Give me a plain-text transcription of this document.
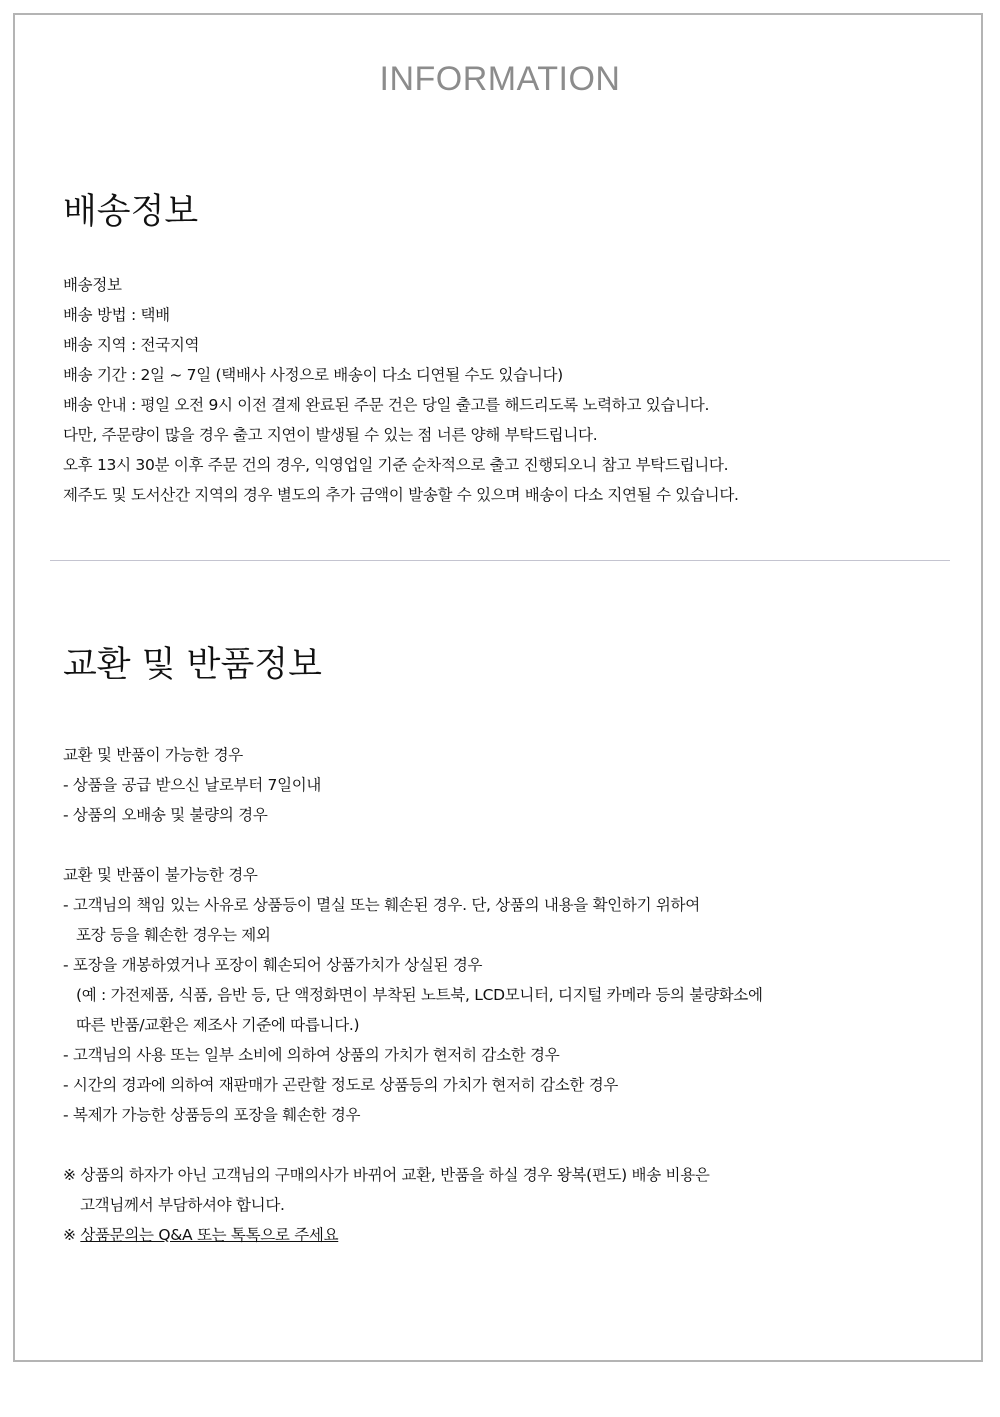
INFORMATION
배송정보
배송정보
배송 방법 : 택배
배송 지역 : 전국지역
배송 기간 : 2일 ~ 7일 (택배사 사정으로 배송이 다소 디연될 수도 있습니다)
배송 안내 : 평일 오전 9시 이전 결제 완료된 주문 건은 당일 출고를 해드리도록 노력하고 있습니다.
다만, 주문량이 많을 경우 출고 지연이 발생될 수 있는 점 너른 양해 부탁드립니다.
오후 13시 30분 이후 주문 건의 경우, 익영업일 기준 순차적으로 출고 진행되오니 참고 부탁드립니다.
제주도 및 도서산간 지역의 경우 별도의 추가 금액이 발송할 수 있으며 배송이 다소 지연될 수 있습니다.
교환 및 반품정보
교환 및 반품이 가능한 경우
- 상품을 공급 받으신 날로부터 7일이내
- 상품의 오배송 및 불량의 경우
교환 및 반품이 불가능한 경우
- 고객님의 책임 있는 사유로 상품등이 멸실 또는 훼손된 경우. 단, 상품의 내용을 확인하기 위하여
포장 등을 훼손한 경우는 제외
- 포장을 개봉하였거나 포장이 훼손되어 상품가치가 상실된 경우
(예 : 가전제품, 식품, 음반 등, 단 액정화면이 부착된 노트북, LCD모니터, 디지털 카메라 등의 불량화소에
따른 반품/교환은 제조사 기준에 따릅니다.)
- 고객님의 사용 또는 일부 소비에 의하여 상품의 가치가 현저히 감소한 경우
- 시간의 경과에 의하여 재판매가 곤란할 정도로 상품등의 가치가 현저히 감소한 경우
- 복제가 가능한 상품등의 포장을 훼손한 경우
※ 상품의 하자가 아닌 고객님의 구매의사가 바뀌어 교환, 반품을 하실 경우 왕복(편도) 배송 비용은
고객님께서 부담하셔야 합니다.
※ 상품문의는 Q&A 또는 톡톡으로 주세요
